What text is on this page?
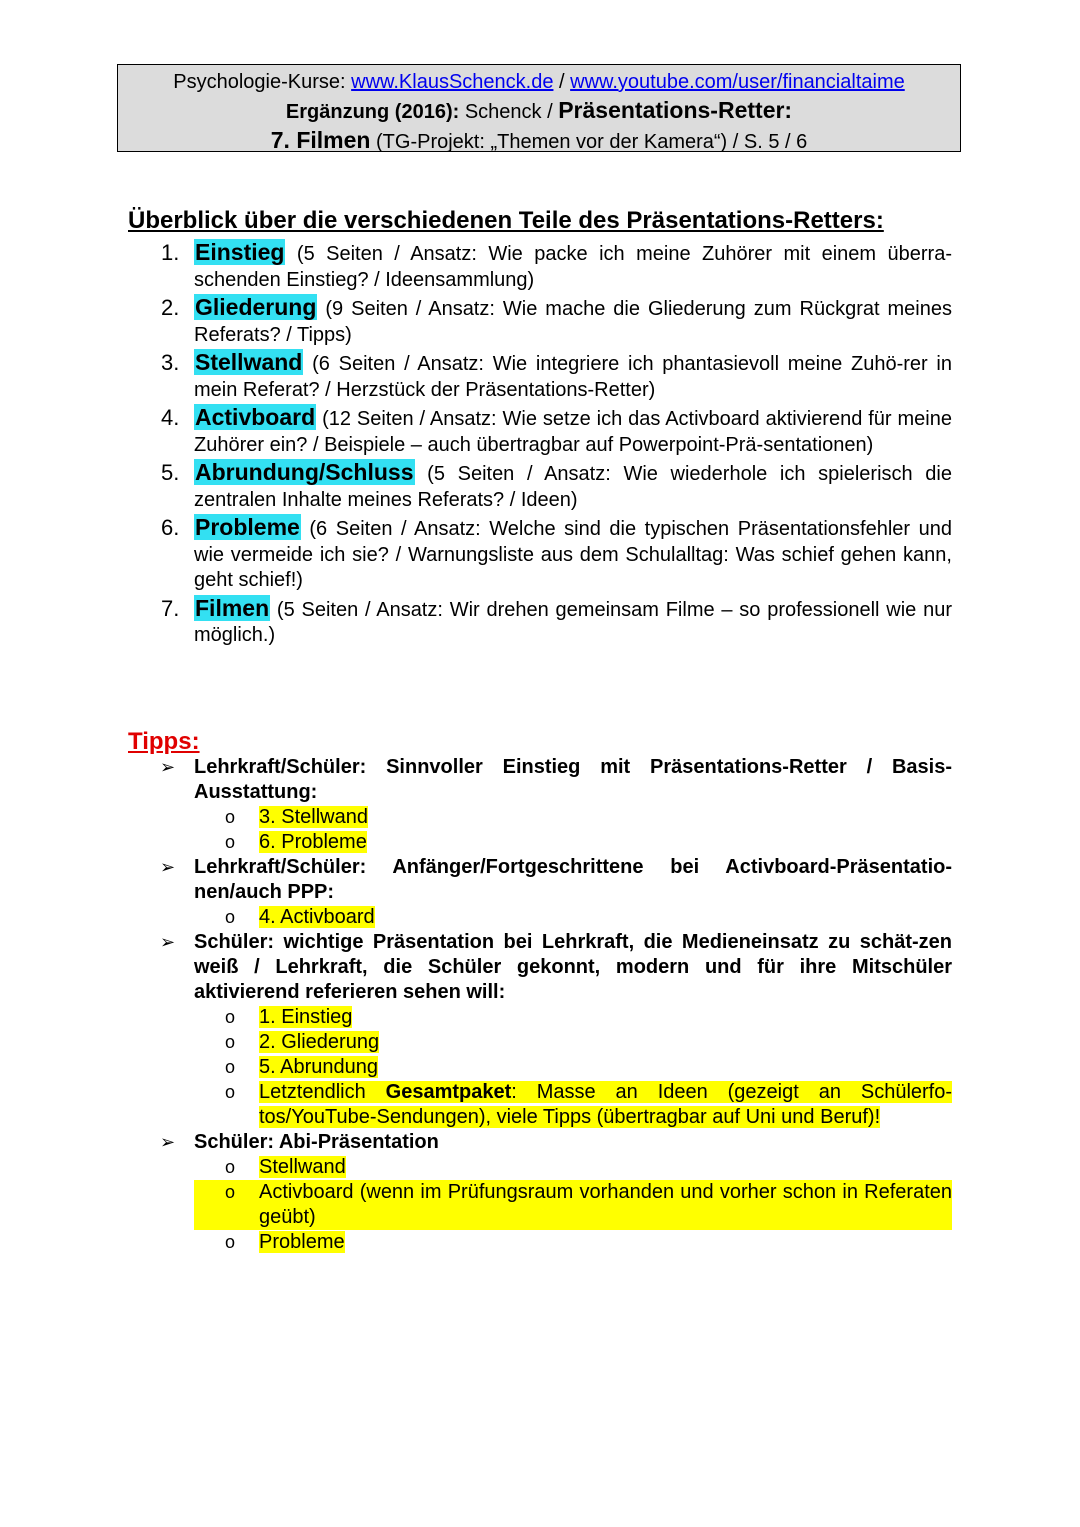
Psychologie-Kurse: www.KlausSchenck.de / www.youtube.com/user/financialtaime
Ergänzung (2016): Schenck / Präsentations-Retter:
7. Filmen (TG-Projekt: „Themen vor der Kamera“) / S. 5 / 6
Überblick über die verschiedenen Teile des Präsentations-Retters:
1. Einstieg (5 Seiten / Ansatz: Wie packe ich meine Zuhörer mit einem überra-schenden Einstieg? / Ideensammlung)
2. Gliederung (9 Seiten / Ansatz: Wie mache die Gliederung zum Rückgrat meines Referats? / Tipps)
3. Stellwand (6 Seiten / Ansatz: Wie integriere ich phantasievoll meine Zuhö-rer in mein Referat? / Herzstück der Präsentations-Retter)
4. Activboard (12 Seiten / Ansatz: Wie setze ich das Activboard aktivierend für meine Zuhörer ein? / Beispiele – auch übertragbar auf Powerpoint-Prä-sentationen)
5. Abrundung/Schluss (5 Seiten / Ansatz: Wie wiederhole ich spielerisch die zentralen Inhalte meines Referats? / Ideen)
6. Probleme (6 Seiten / Ansatz: Welche sind die typischen Präsentationsfehler und wie vermeide ich sie? / Warnungsliste aus dem Schulalltag: Was schief gehen kann, geht schief!)
7. Filmen (5 Seiten / Ansatz: Wir drehen gemeinsam Filme – so professionell wie nur möglich.)
Tipps:
➢ Lehrkraft/Schüler: Sinnvoller Einstieg mit Präsentations-Retter / Basis-Ausstattung:
o 3. Stellwand
o 6. Probleme
➢ Lehrkraft/Schüler: Anfänger/Fortgeschrittene bei Activboard-Präsentatio-nen/auch PPP:
o 4. Activboard
➢ Schüler: wichtige Präsentation bei Lehrkraft, die Medieneinsatz zu schät-zen weiß / Lehrkraft, die Schüler gekonnt, modern und für ihre Mitschüler aktivierend referieren sehen will:
o 1. Einstieg
o 2. Gliederung
o 5. Abrundung
o Letztendlich Gesamtpaket: Masse an Ideen (gezeigt an Schülerfo-tos/YouTube-Sendungen), viele Tipps (übertragbar auf Uni und Beruf)!
➢ Schüler: Abi-Präsentation
o Stellwand
o Activboard (wenn im Prüfungsraum vorhanden und vorher schon in Referaten geübt)
o Probleme
